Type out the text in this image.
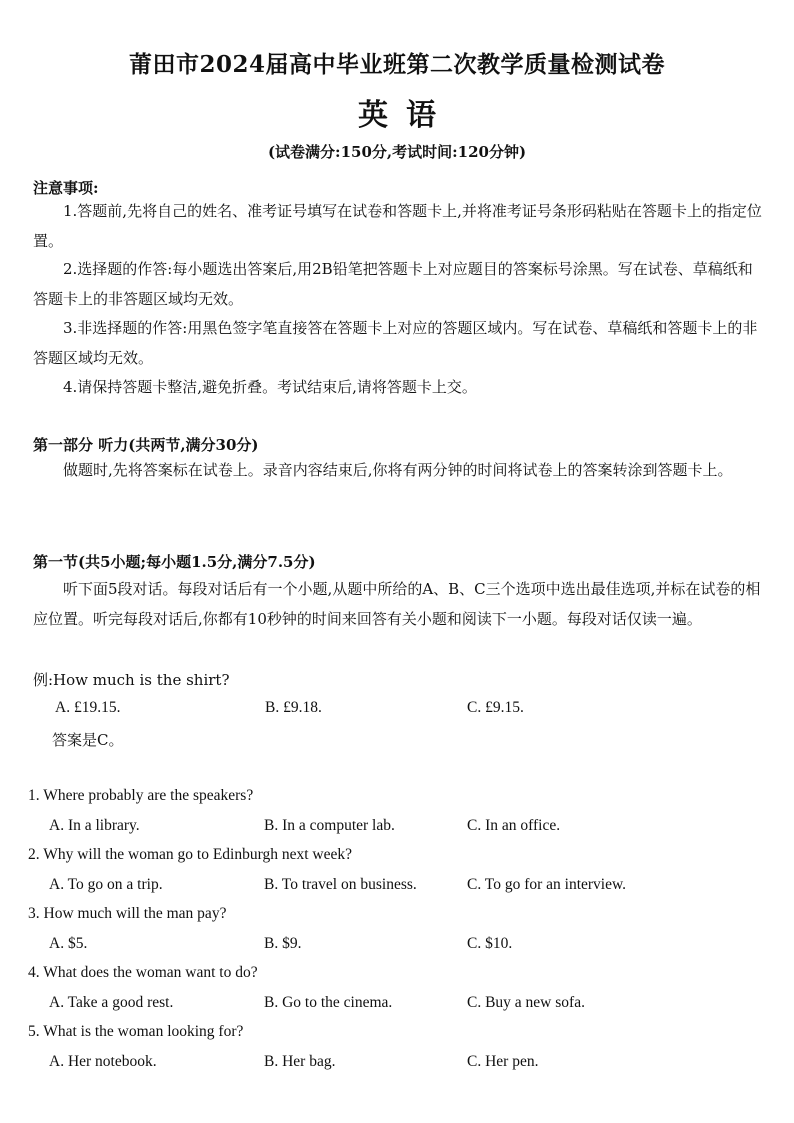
莆田市2024届高中毕业班第二次教学质量检测试卷
英语
(试卷满分:150分,考试时间:120分钟)
注意事项:
1.答题前,先将自己的姓名、准考证号填写在试卷和答题卡上,并将准考证号条形码粘贴在答题卡上的指定位置。
2.选择题的作答:每小题选出答案后,用2B铅笔把答题卡上对应题目的答案标号涂黑。写在试卷、草稿纸和答题卡上的非答题区域均无效。
3.非选择题的作答:用黑色签字笔直接答在答题卡上对应的答题区域内。写在试卷、草稿纸和答题卡上的非答题区域均无效。
4.请保持答题卡整洁,避免折叠。考试结束后,请将答题卡上交。
第一部分 听力(共两节,满分30分)
做题时,先将答案标在试卷上。录音内容结束后,你将有两分钟的时间将试卷上的答案转涂到答题卡上。
第一节(共5小题;每小题1.5分,满分7.5分)
听下面5段对话。每段对话后有一个小题,从题中所给的A、B、C三个选项中选出最佳选项,并标在试卷的相应位置。听完每段对话后,你都有10秒钟的时间来回答有关小题和阅读下一小题。每段对话仅读一遍。
例:How much is the shirt?
A. £19.15.	B. £9.18.	C. £9.15.
答案是C。
1. Where probably are the speakers?
A. In a library.	B. In a computer lab.	C. In an office.
2. Why will the woman go to Edinburgh next week?
A. To go on a trip.	B. To travel on business.	C. To go for an interview.
3. How much will the man pay?
A. $5.	B. $9.	C. $10.
4. What does the woman want to do?
A. Take a good rest.	B. Go to the cinema.	C. Buy a new sofa.
5. What is the woman looking for?
A. Her notebook.	B. Her bag.	C. Her pen.
